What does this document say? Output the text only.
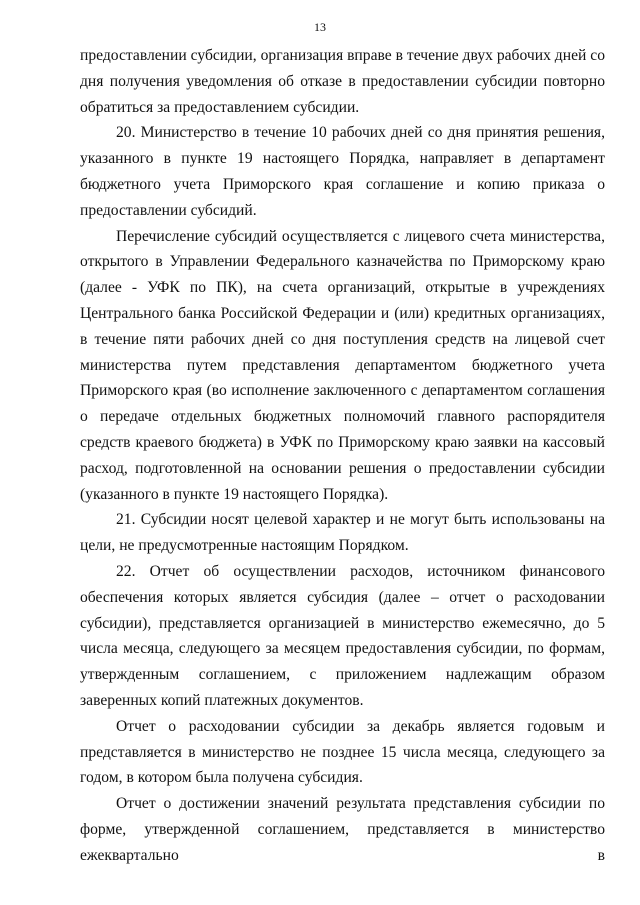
13

предоставлении субсидии, организация вправе в течение двух рабочих дней со дня получения уведомления об отказе в предоставлении субсидии повторно обратиться за предоставлением субсидии.

20. Министерство в течение 10 рабочих дней со дня принятия решения, указанного в пункте 19 настоящего Порядка, направляет в департамент бюджетного учета Приморского края соглашение и копию приказа о предоставлении субсидий.

Перечисление субсидий осуществляется с лицевого счета министерства, открытого в Управлении Федерального казначейства по Приморскому краю (далее - УФК по ПК), на счета организаций, открытые в учреждениях Центрального банка Российской Федерации и (или) кредитных организациях, в течение пяти рабочих дней со дня поступления средств на лицевой счет министерства путем представления департаментом бюджетного учета Приморского края (во исполнение заключенного с департаментом соглашения о передаче отдельных бюджетных полномочий главного распорядителя средств краевого бюджета) в УФК по Приморскому краю заявки на кассовый расход, подготовленной на основании решения о предоставлении субсидии (указанного в пункте 19 настоящего Порядка).

21. Субсидии носят целевой характер и не могут быть использованы на цели, не предусмотренные настоящим Порядком.

22. Отчет об осуществлении расходов, источником финансового обеспечения которых является субсидия (далее – отчет о расходовании субсидии), представляется организацией в министерство ежемесячно, до 5 числа месяца, следующего за месяцем предоставления субсидии, по формам, утвержденным соглашением, с приложением надлежащим образом заверенных копий платежных документов.

Отчет о расходовании субсидии за декабрь является годовым и представляется в министерство не позднее 15 числа месяца, следующего за годом, в котором была получена субсидия.

Отчет о достижении значений результата представления субсидии по форме, утвержденной соглашением, представляется в министерство ежеквартально в
